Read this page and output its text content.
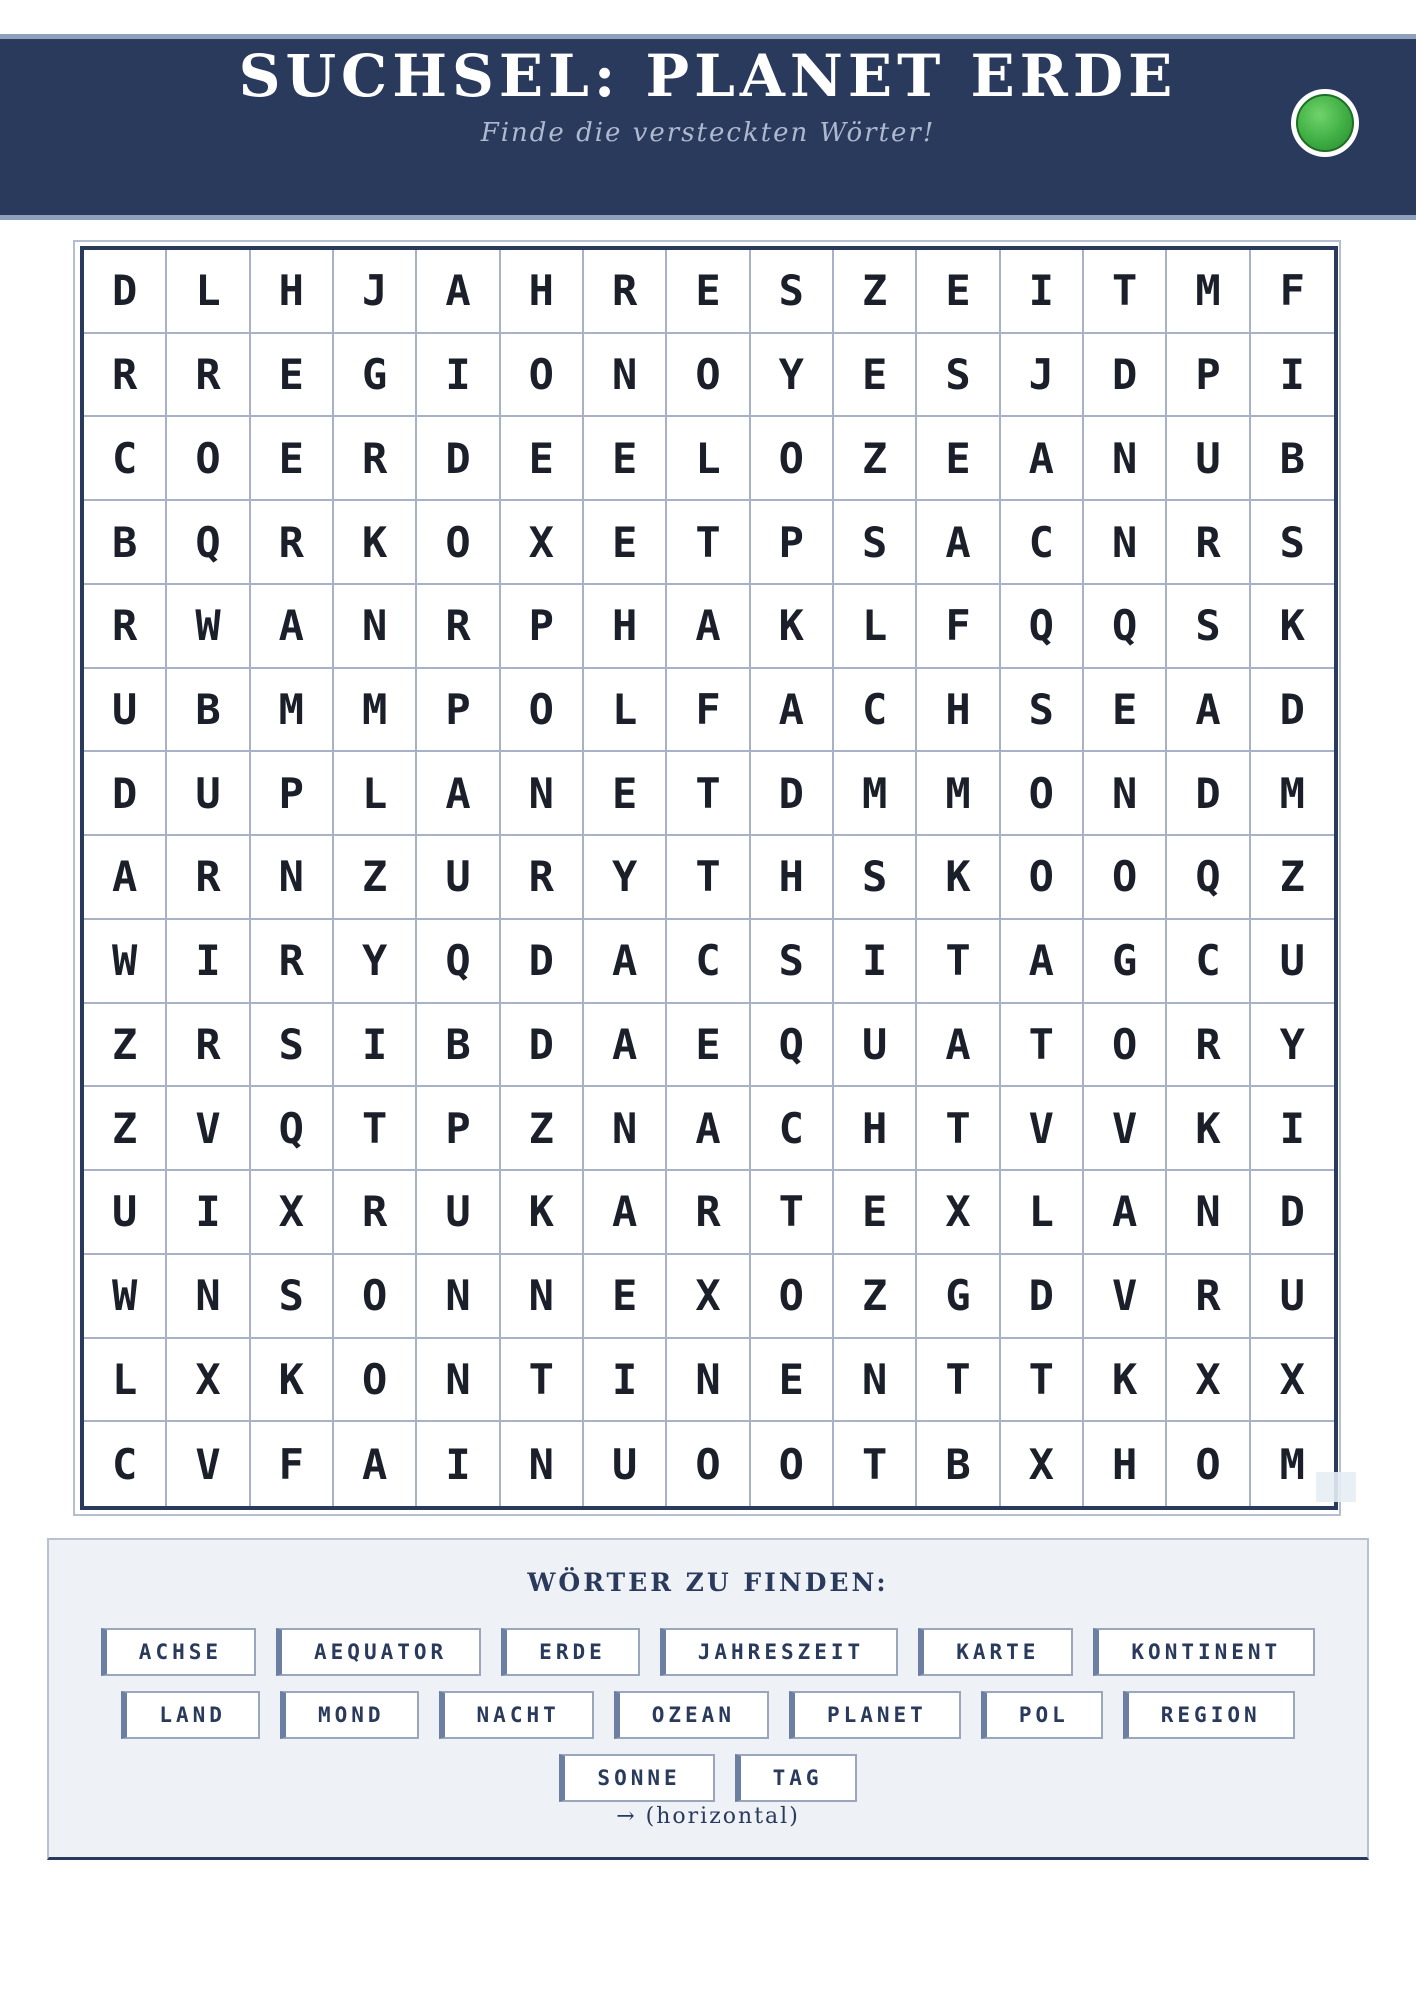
SUCHSEL: PLANET ERDE
Finde die versteckten Wörter!
D	L	H	J	A	H	R	E	S	Z	E	I	T	M	F
R	R	E	G	I	O	N	O	Y	E	S	J	D	P	I
C	O	E	R	D	E	E	L	O	Z	E	A	N	U	B
B	Q	R	K	O	X	E	T	P	S	A	C	N	R	S
R	W	A	N	R	P	H	A	K	L	F	Q	Q	S	K
U	B	M	M	P	O	L	F	A	C	H	S	E	A	D
D	U	P	L	A	N	E	T	D	M	M	O	N	D	M
A	R	N	Z	U	R	Y	T	H	S	K	O	O	Q	Z
W	I	R	Y	Q	D	A	C	S	I	T	A	G	C	U
Z	R	S	I	B	D	A	E	Q	U	A	T	O	R	Y
Z	V	Q	T	P	Z	N	A	C	H	T	V	V	K	I
U	I	X	R	U	K	A	R	T	E	X	L	A	N	D
W	N	S	O	N	N	E	X	O	Z	G	D	V	R	U
L	X	K	O	N	T	I	N	E	N	T	T	K	X	X
C	V	F	A	I	N	U	O	O	T	B	X	H	O	M
WÖRTER ZU FINDEN:
ACHSE	AEQUATOR	ERDE	JAHRESZEIT	KARTE	KONTINENT
LAND	MOND	NACHT	OZEAN	PLANET	POL	REGION
SONNE	TAG
→ (horizontal)
